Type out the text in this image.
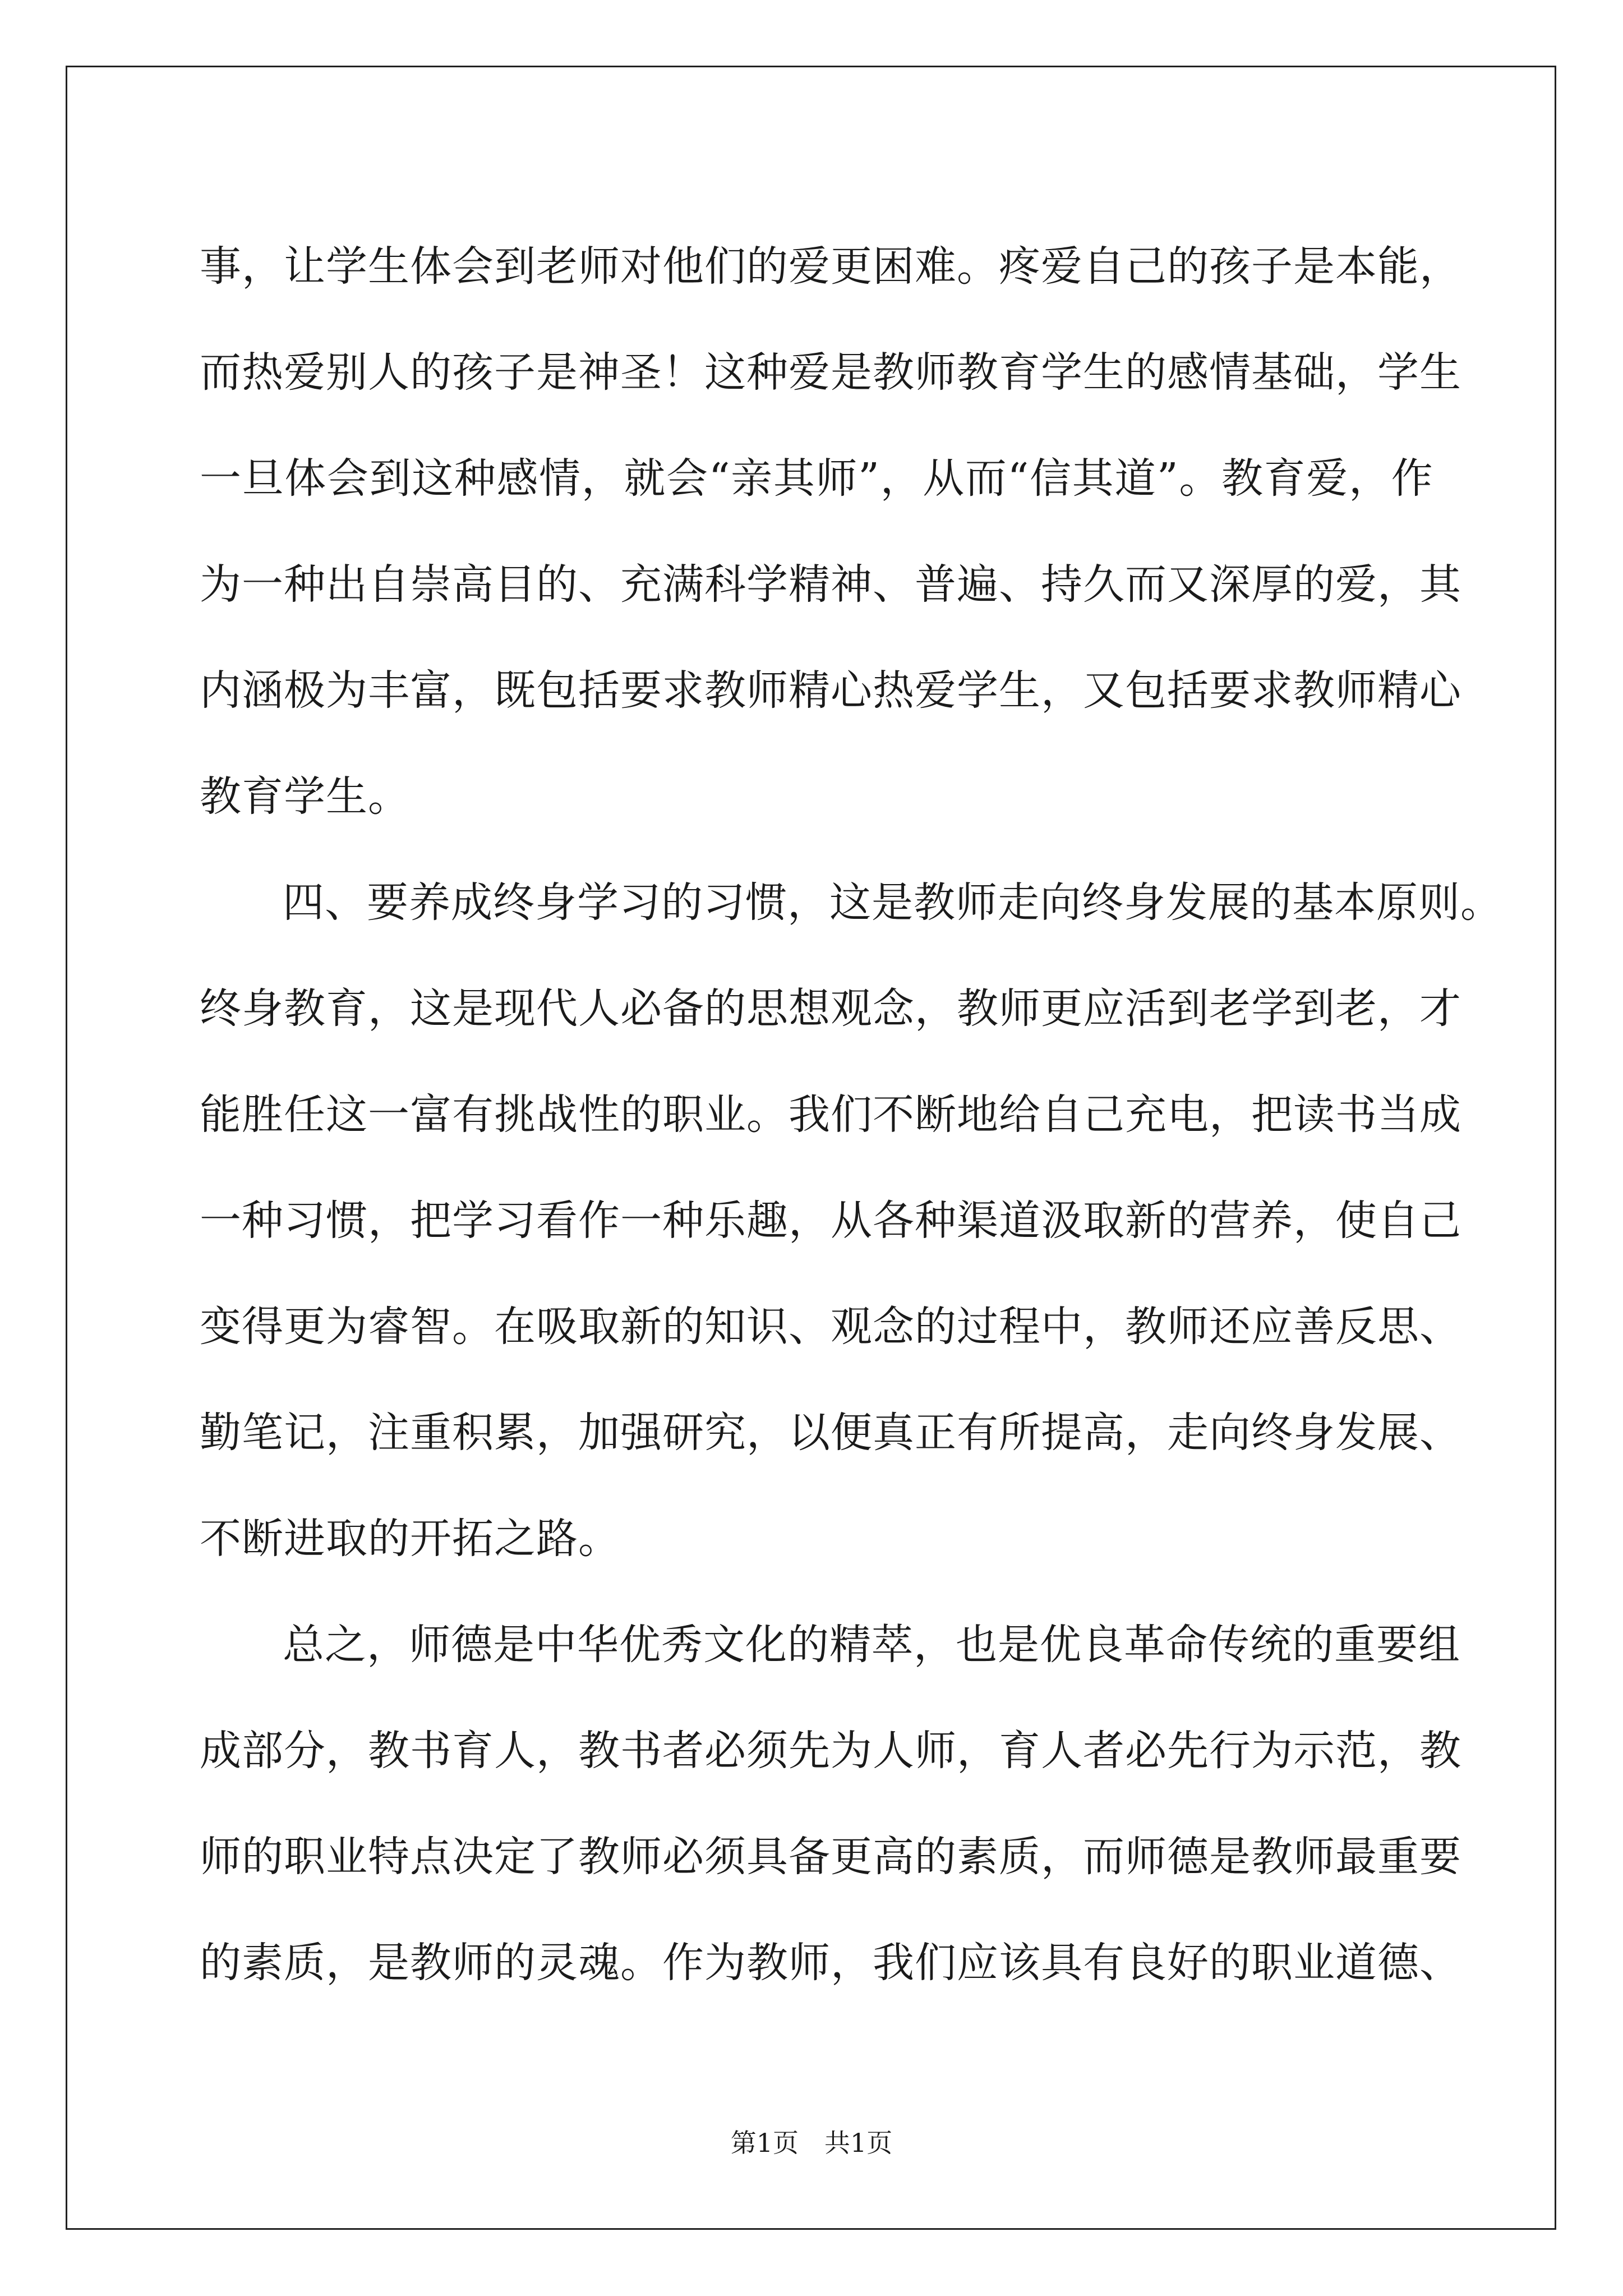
事 ， 让 学 生 体 会 到 老 师 对 他 们 的 爱 更 困 难 。 疼 爱 自 己 的 孩 子 是 本 能 ，
而 热 爱 别 人 的 孩 子 是 神 圣 ！ 这 种 爱 是 教 师 教 育 学 生 的 感 情 基 础 ， 学 生
一 旦 体 会 到 这 种 感 情 ， 就 会 “ 亲 其 师 ” ， 从 而 “ 信 其 道 ” 。 教 育 爱 ， 作
为 一 种 出 自 崇 高 目 的 、 充 满 科 学 精 神 、 普 遍 、 持 久 而 又 深 厚 的 爱 ， 其
内 涵 极 为 丰 富 ， 既 包 括 要 求 教 师 精 心 热 爱 学 生 ， 又 包 括 要 求 教 师 精 心
教育学生。
四 、 要 养 成 终 身 学 习 的 习 惯 ， 这 是 教 师 走 向 终 身 发 展 的 基 本 原 则 。
终 身 教 育 ， 这 是 现 代 人 必 备 的 思 想 观 念 ， 教 师 更 应 活 到 老 学 到 老 ， 才
能 胜 任 这 一 富 有 挑 战 性 的 职 业 。 我 们 不 断 地 给 自 己 充 电 ， 把 读 书 当 成
一 种 习 惯 ， 把 学 习 看 作 一 种 乐 趣 ， 从 各 种 渠 道 汲 取 新 的 营 养 ， 使 自 己
变 得 更 为 睿 智 。 在 吸 取 新 的 知 识 、 观 念 的 过 程 中 ， 教 师 还 应 善 反 思 、
勤 笔 记 ， 注 重 积 累 ， 加 强 研 究 ， 以 便 真 正 有 所 提 高 ， 走 向 终 身 发 展 、
不断进取的开拓之路。
总 之 ， 师 德 是 中 华 优 秀 文 化 的 精 萃 ， 也 是 优 良 革 命 传 统 的 重 要 组
成 部 分 ， 教 书 育 人 ， 教 书 者 必 须 先 为 人 师 ， 育 人 者 必 先 行 为 示 范 ， 教
师 的 职 业 特 点 决 定 了 教 师 必 须 具 备 更 高 的 素 质 ， 而 师 德 是 教 师 最 重 要
的 素 质 ， 是 教 师 的 灵 魂 。 作 为 教 师 ， 我 们 应 该 具 有 良 好 的 职 业 道 德 、
第1页　共1页
